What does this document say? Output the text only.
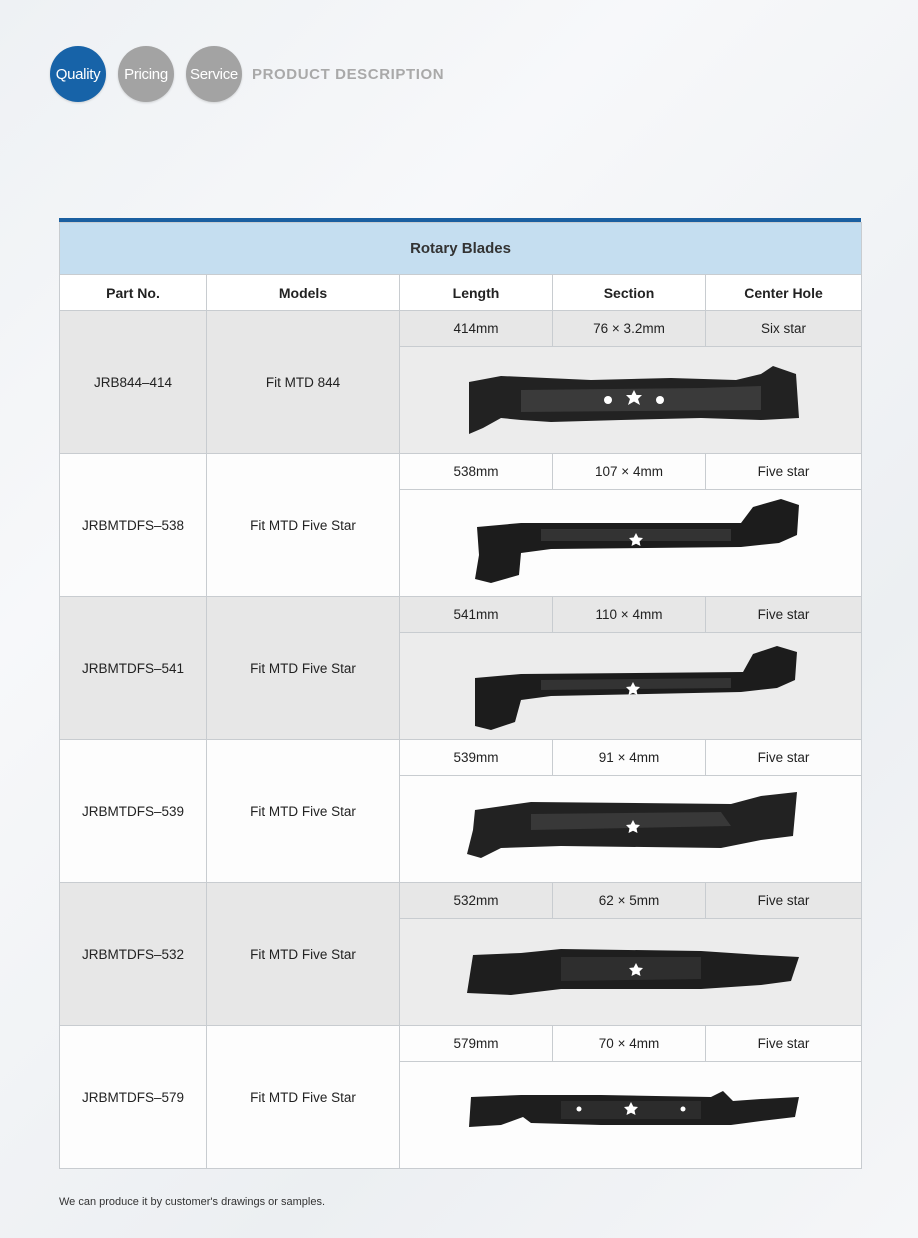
Quality	Pricing	Service PRODUCT DESCRIPTION
Rotary Blades				
Part No.	Models	Length	Section	Center Hole
JRB844–414	Fit MTD 844	414mm	76 × 3.2mm	Six star

JRBMTDFS–538	Fit MTD Five Star	538mm	107 × 4mm	Five star

JRBMTDFS–541	Fit MTD Five Star	541mm	110 × 4mm	Five star

JRBMTDFS–539	Fit MTD Five Star	539mm	91 × 4mm	Five star

JRBMTDFS–532	Fit MTD Five Star	532mm	62 × 5mm	Five star

JRBMTDFS–579	Fit MTD Five Star	579mm	70 × 4mm	Five star

We can produce it by customer's drawings or samples.
